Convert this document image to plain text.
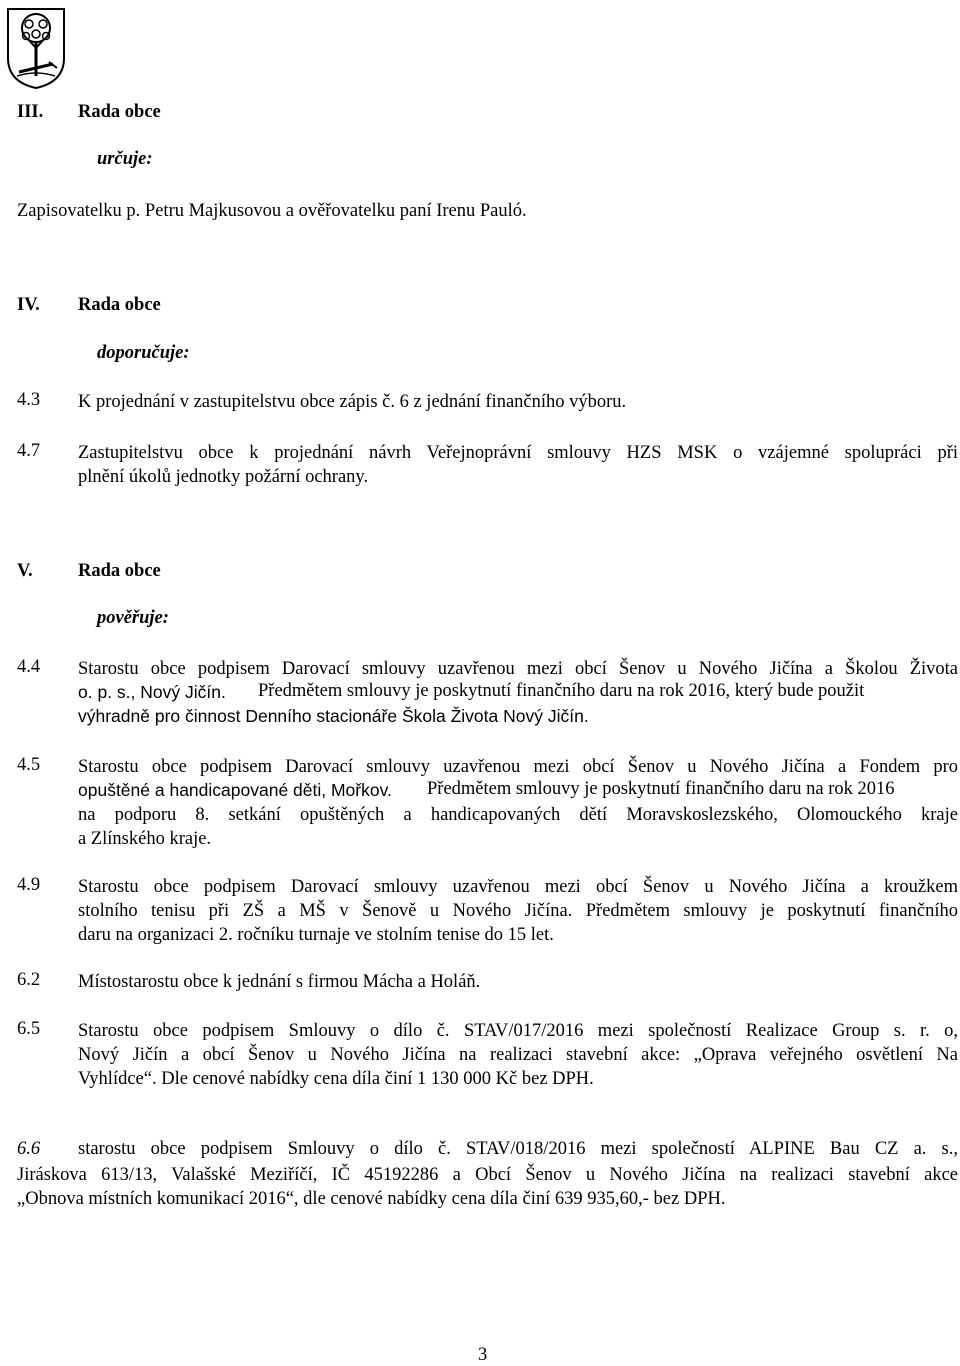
III. Rada obce
určuje:
Zapisovatelku p. Petru Majkusovou a ověřovatelku paní Irenu Pauló.
IV. Rada obce
doporučuje:
4.3 K projednání v zastupitelstvu obce zápis č. 6 z jednání finančního výboru.
4.7 Zastupitelstvu obce k projednání návrh Veřejnoprávní smlouvy HZS MSK o vzájemné spolupráci při
plnění úkolů jednotky požární ochrany.
V. Rada obce
pověřuje:
4.4 Starostu obce podpisem Darovací smlouvy uzavřenou mezi obcí Šenov u Nového Jičína a Školou Života
o. p. s., Nový Jičín. Předmětem smlouvy je poskytnutí finančního daru na rok 2016, který bude použit
výhradně pro činnost Denního stacionáře Škola Života Nový Jičín.
4.5 Starostu obce podpisem Darovací smlouvy uzavřenou mezi obcí Šenov u Nového Jičína a Fondem pro
opuštěné a handicapované děti, Mořkov. Předmětem smlouvy je poskytnutí finančního daru na rok 2016
na podporu 8. setkání opuštěných a handicapovaných dětí Moravskoslezského, Olomouckého kraje
a Zlínského kraje.
4.9 Starostu obce podpisem Darovací smlouvy uzavřenou mezi obcí Šenov u Nového Jičína a kroužkem
stolního tenisu při ZŠ a MŠ v Šenově u Nového Jičína. Předmětem smlouvy je poskytnutí finančního
daru na organizaci 2. ročníku turnaje ve stolním tenise do 15 let.
6.2 Místostarostu obce k jednání s firmou Mácha a Holáň.
6.5 Starostu obce podpisem Smlouvy o dílo č. STAV/017/2016 mezi společností Realizace Group s. r. o,
Nový Jičín a obcí Šenov u Nového Jičína na realizaci stavební akce: „Oprava veřejného osvětlení Na
Vyhlídce“. Dle cenové nabídky cena díla činí 1 130 000 Kč bez DPH.
6.6 starostu obce podpisem Smlouvy o dílo č. STAV/018/2016 mezi společností ALPINE Bau CZ a. s.,
Jiráskova 613/13, Valašské Meziříčí, IČ 45192286 a Obcí Šenov u Nového Jičína na realizaci stavební akce
„Obnova místních komunikací 2016“, dle cenové nabídky cena díla činí 639 935,60,- bez DPH.
3
